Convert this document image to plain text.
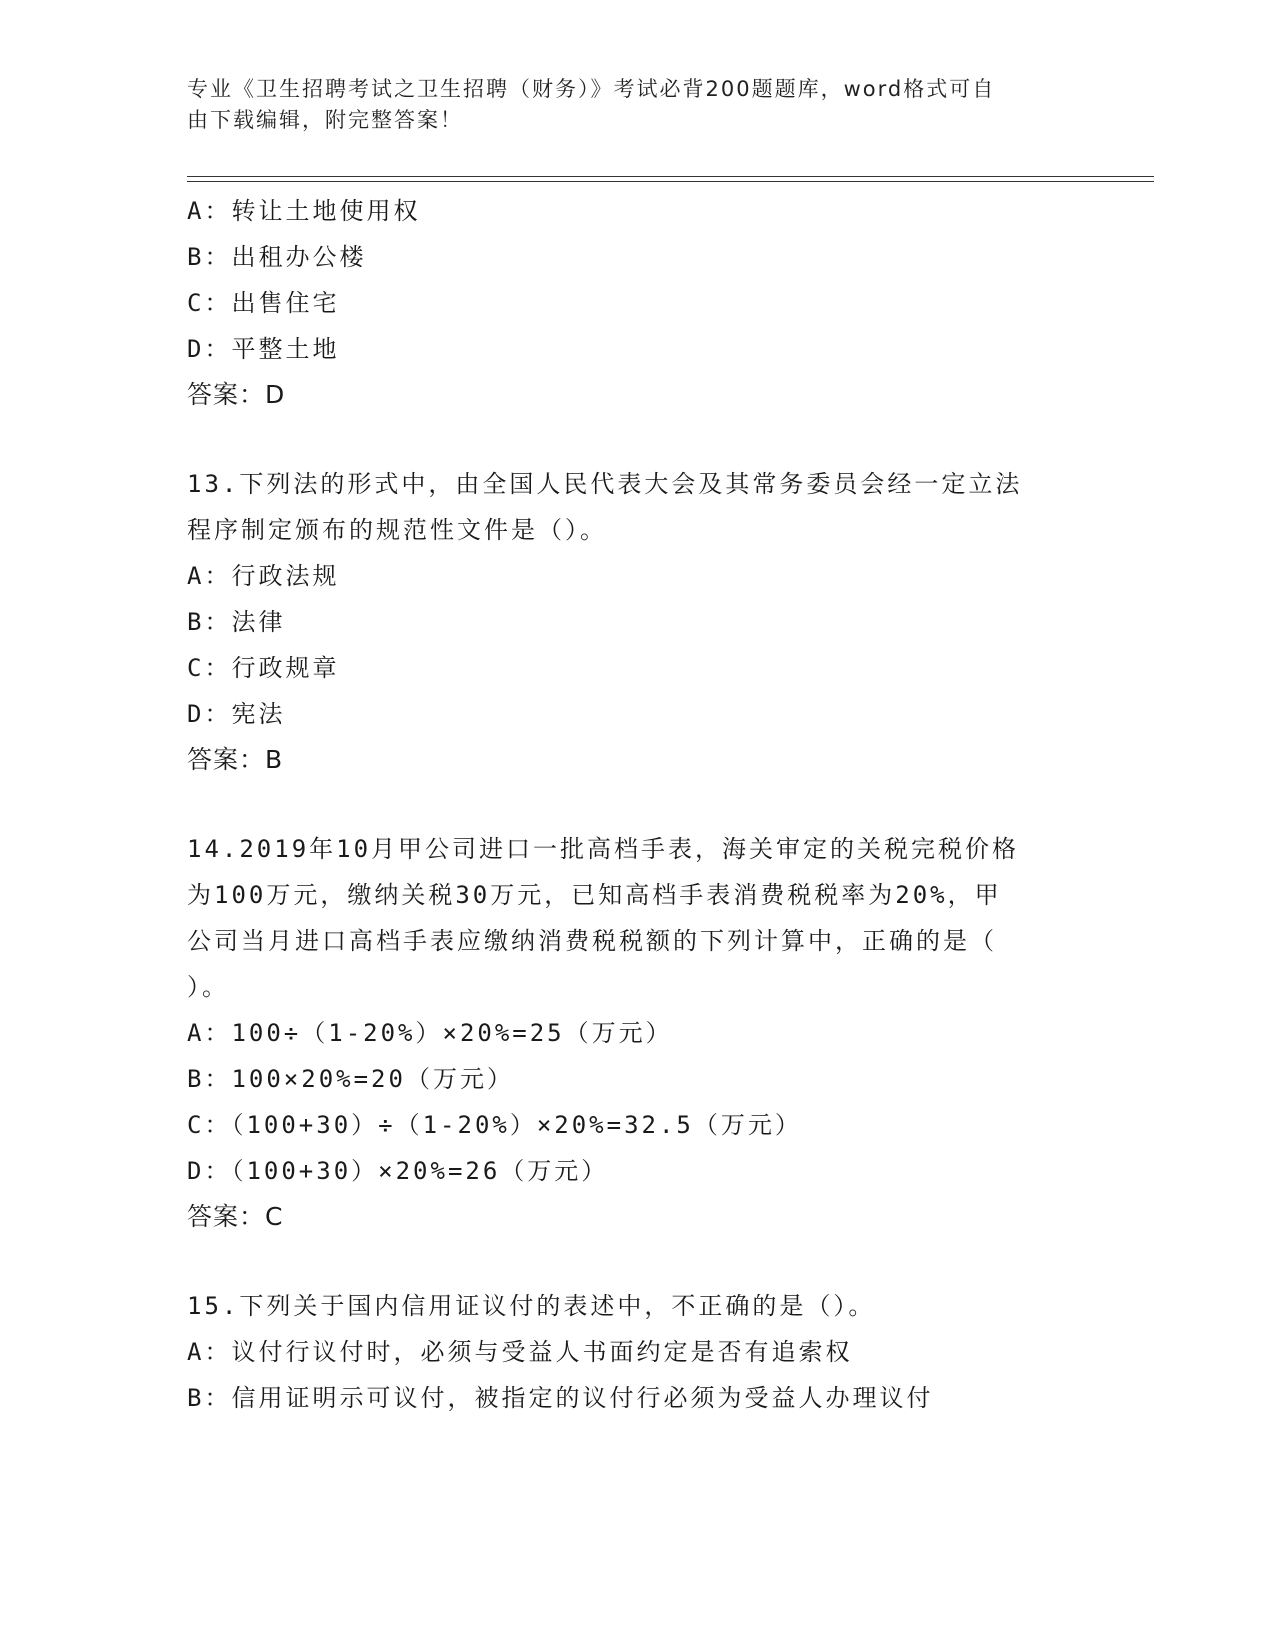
专业《卫生招聘考试之卫生招聘（财务）》考试必背200题题库，word格式可自
由下载编辑，附完整答案！

A：转让土地使用权

B：出租办公楼

C：出售住宅

D：平整土地

答案：D

13.下列法的形式中，由全国人民代表大会及其常务委员会经一定立法

程序制定颁布的规范性文件是（）。

A：行政法规

B：法律

C：行政规章

D：宪法

答案：B

14.2019年10月甲公司进口一批高档手表，海关审定的关税完税价格

为100万元，缴纳关税30万元，已知高档手表消费税税率为20%，甲

公司当月进口高档手表应缴纳消费税税额的下列计算中，正确的是（

）。

A：100÷（1-20%）×20%=25（万元）

B：100×20%=20（万元）

C：（100+30）÷（1-20%）×20%=32.5（万元）

D：（100+30）×20%=26（万元）

答案：C

15.下列关于国内信用证议付的表述中，不正确的是（）。

A：议付行议付时，必须与受益人书面约定是否有追索权

B：信用证明示可议付，被指定的议付行必须为受益人办理议付
